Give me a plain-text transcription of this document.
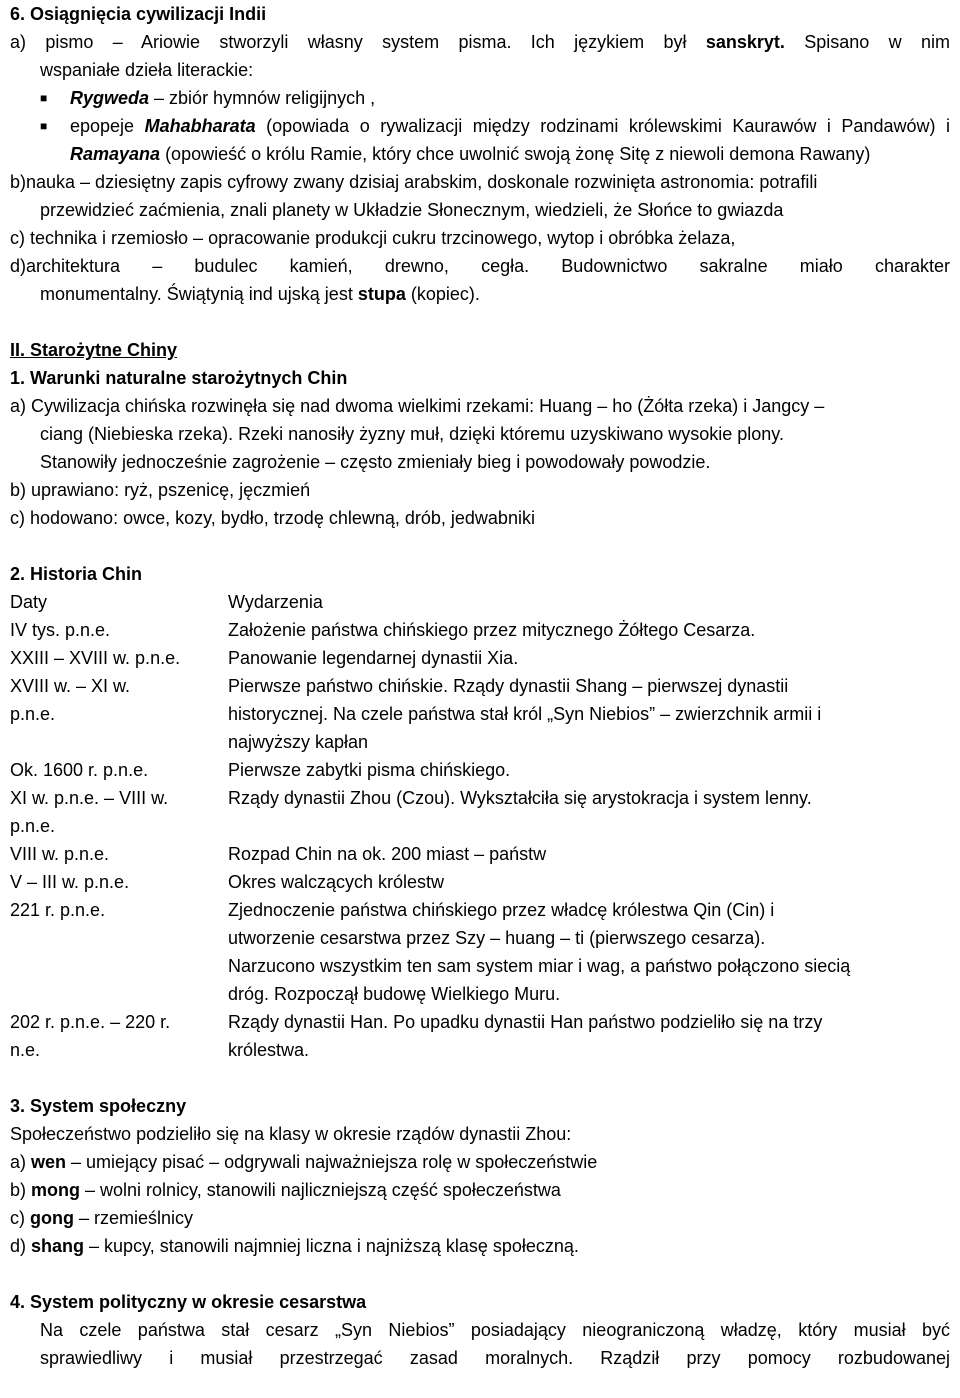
6. Osiągnięcia cywilizacji Indii
a) pismo – Ariowie stworzyli własny system pisma. Ich językiem był sanskryt. Spisano w nim
wspaniałe dzieła literackie:
■	Rygweda – zbiór hymnów religijnych ,
■	epopeje Mahabharata (opowiada o rywalizacji między rodzinami królewskimi Kaurawów i Pandawów) i Ramayana (opowieść o królu Ramie, który chce uwolnić swoją żonę Sitę z niewoli demona Rawany)
b)nauka – dziesiętny zapis cyfrowy zwany dzisiaj arabskim, doskonale rozwinięta astronomia: potrafili
przewidzieć zaćmienia, znali planety w Układzie Słonecznym, wiedzieli, że Słońce to gwiazda
c) technika i rzemiosło – opracowanie produkcji cukru trzcinowego, wytop i obróbka żelaza,
d)architektura – budulec kamień, drewno, cegła. Budownictwo sakralne miało charakter
monumentalny. Świątynią ind ujską jest stupa (kopiec).
II. Starożytne Chiny
1. Warunki naturalne starożytnych Chin
a) Cywilizacja chińska rozwinęła się nad dwoma wielkimi rzekami: Huang – ho (Żółta rzeka) i Jangcy –
ciang (Niebieska rzeka). Rzeki nanosiły żyzny muł, dzięki któremu uzyskiwano wysokie plony.
Stanowiły jednocześnie zagrożenie – często zmieniały bieg i powodowały powodzie.
b) uprawiano: ryż, pszenicę, jęczmień
c) hodowano: owce, kozy, bydło, trzodę chlewną, drób, jedwabniki
2. Historia Chin
Daty	Wydarzenia

IV tys. p.n.e.	Założenie państwa chińskiego przez mitycznego Żółtego Cesarza.

XXIII – XVIII w. p.n.e.	Panowanie legendarnej dynastii Xia.

XVIII w. – XI w.
p.n.e.	Pierwsze państwo chińskie. Rządy dynastii Shang – pierwszej dynastii
historycznej. Na czele państwa stał król „Syn Niebios” – zwierzchnik armii i
najwyższy kapłan

Ok. 1600 r. p.n.e.	Pierwsze zabytki pisma chińskiego.

XI w. p.n.e. – VIII w.
p.n.e.	Rządy dynastii Zhou (Czou). Wykształciła się arystokracja i system lenny.

VIII w. p.n.e.	Rozpad Chin na ok. 200 miast – państw

V – III w. p.n.e.	Okres walczących królestw

221 r. p.n.e.	Zjednoczenie państwa chińskiego przez władcę królestwa Qin (Cin) i
utworzenie cesarstwa przez Szy – huang – ti (pierwszego cesarza).
Narzucono wszystkim ten sam system miar i wag, a państwo połączono siecią
dróg. Rozpoczął budowę Wielkiego Muru.

202 r. p.n.e. – 220 r.
n.e.	Rządy dynastii Han. Po upadku dynastii Han państwo podzieliło się na trzy
królestwa.
3. System społeczny
Społeczeństwo podzieliło się na klasy w okresie rządów dynastii Zhou:
a) wen – umiejący pisać – odgrywali najważniejsza rolę w społeczeństwie
b) mong – wolni rolnicy, stanowili najliczniejszą część społeczeństwa
c) gong – rzemieślnicy
d) shang – kupcy, stanowili najmniej liczna i najniższą klasę społeczną.
4. System polityczny w okresie cesarstwa
Na czele państwa stał cesarz „Syn Niebios” posiadający nieograniczoną władzę, który musiał być
sprawiedliwy i musiał przestrzegać zasad moralnych. Rządził przy pomocy rozbudowanej
